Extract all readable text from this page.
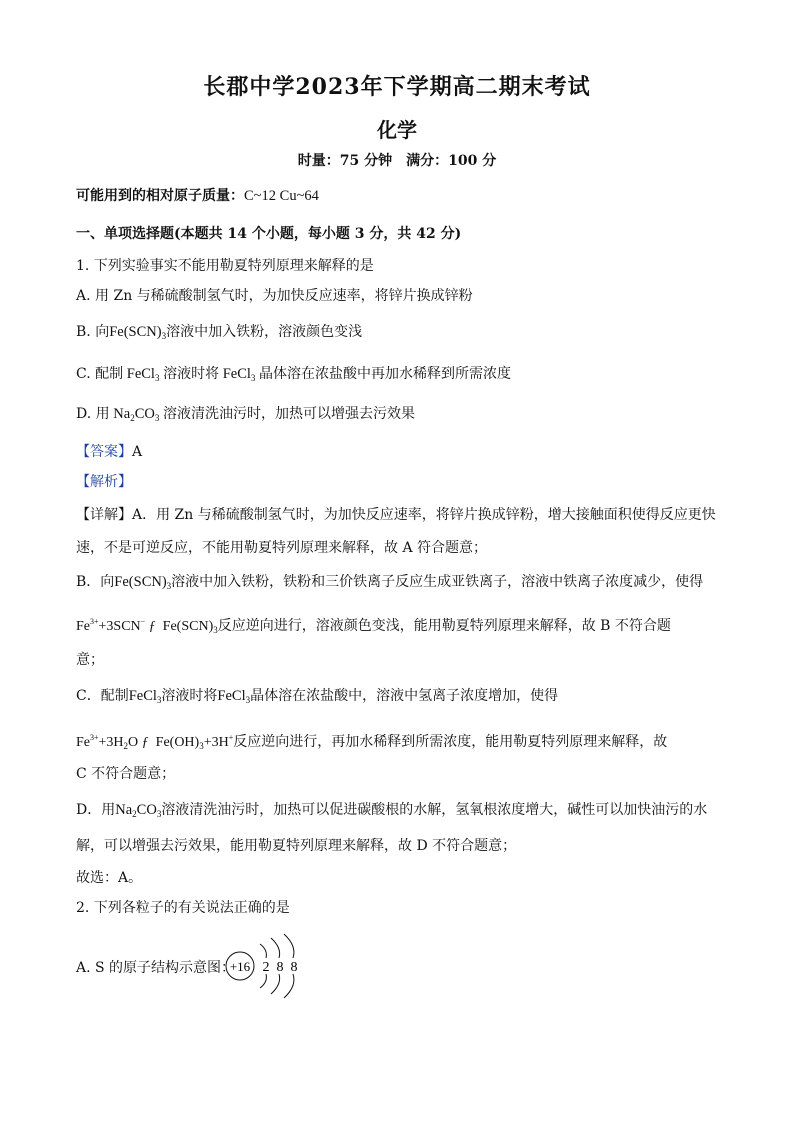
长郡中学2023年下学期高二期末考试
化学
时量：75 分钟　满分：100 分
可能用到的相对原子质量：C~12 Cu~64
一、单项选择题(本题共 14 个小题，每小题 3 分，共 42 分)
1. 下列实验事实不能用勒夏特列原理来解释的是
A. 用 Zn 与稀硫酸制氢气时，为加快反应速率，将锌片换成锌粉
B. 向$Fe(SCN)_3$溶液中加入铁粉，溶液颜色变浅
C. 配制 FeCl$_3$ 溶液时将 FeCl$_3$ 晶体溶在浓盐酸中再加水稀释到所需浓度
D. 用 $Na_2CO_3$ 溶液清洗油污时，加热可以增强去污效果
【答案】A
【解析】
【详解】A．用 Zn 与稀硫酸制氢气时，为加快反应速率，将锌片换成锌粉，增大接触面积使得反应更快
速，不是可逆反应，不能用勒夏特列原理来解释，故 A 符合题意；
B．向$Fe(SCN)_3$溶液中加入铁粉，铁粉和三价铁离子反应生成亚铁离子，溶液中铁离子浓度减少，使得
$Fe^{3+}+3SCN^-$ ƒ  $Fe(SCN)_3$反应逆向进行，溶液颜色变浅，能用勒夏特列原理来解释，故 B 不符合题
意；
C．配制FeCl$_3$溶液时将FeCl$_3$晶体溶在浓盐酸中，溶液中氢离子浓度增加，使得
$Fe^{3+}+3H_2O$ ƒ  $Fe(OH)_3+3H^+$反应逆向进行，再加水稀释到所需浓度，能用勒夏特列原理来解释，故
C 不符合题意；
D．用$Na_2CO_3$溶液清洗油污时，加热可以促进碳酸根的水解，氢氧根浓度增大，碱性可以加快油污的水
解，可以增强去污效果，能用勒夏特列原理来解释，故 D 不符合题意；
故选：A。
2. 下列各粒子的有关说法正确的是
A. S 的原子结构示意图：
+16 2 8 8
